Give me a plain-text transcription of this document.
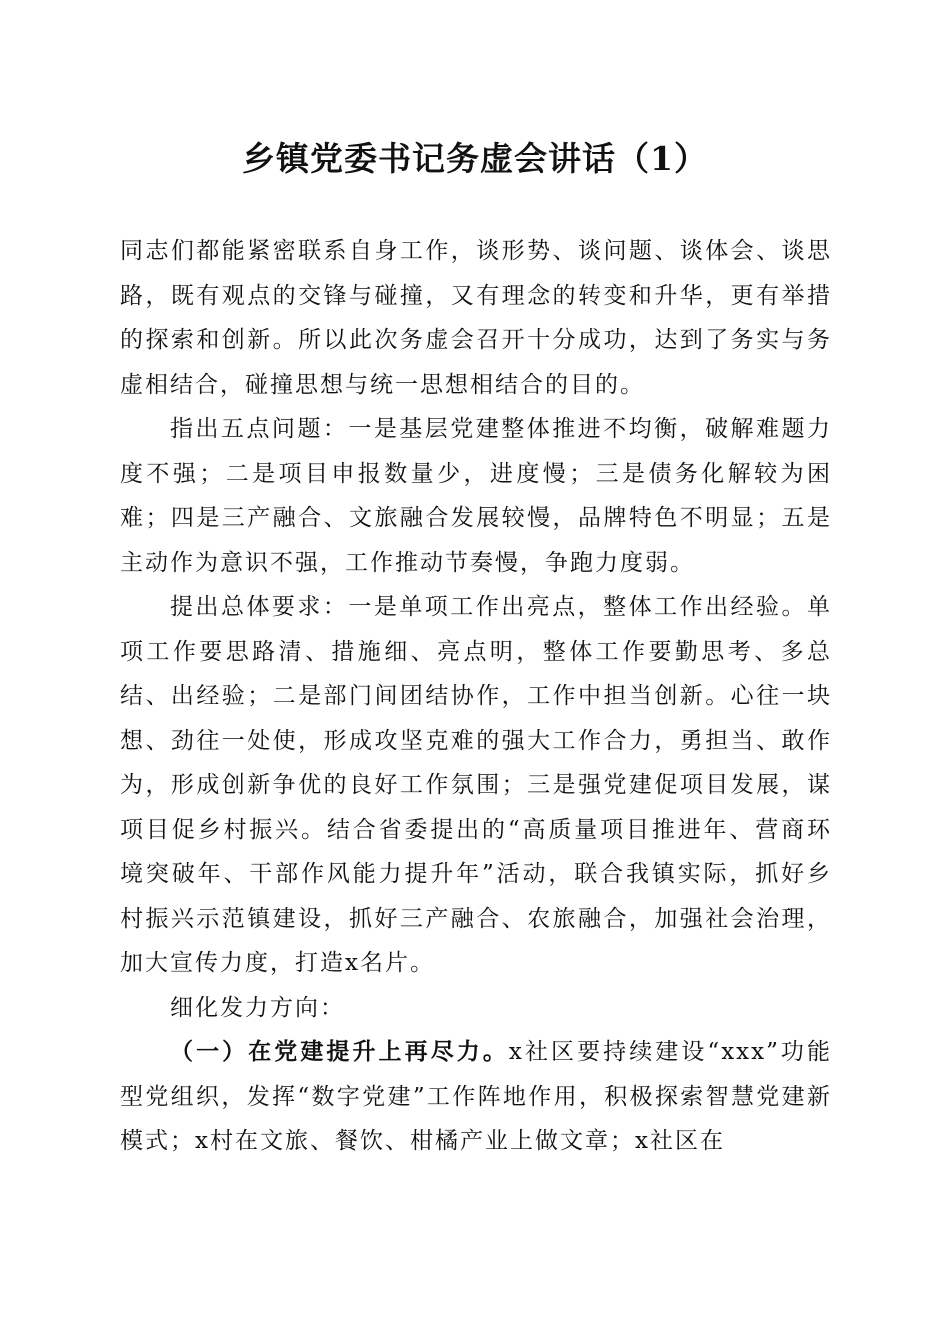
乡镇党委书记务虚会讲话（1）

同志们都能紧密联系自身工作，谈形势、谈问题、谈体会、谈思路，既有观点的交锋与碰撞，又有理念的转变和升华，更有举措的探索和创新。所以此次务虚会召开十分成功，达到了务实与务虚相结合，碰撞思想与统一思想相结合的目的。

指出五点问题：一是基层党建整体推进不均衡，破解难题力度不强；二是项目申报数量少，进度慢；三是债务化解较为困难；四是三产融合、文旅融合发展较慢，品牌特色不明显；五是主动作为意识不强，工作推动节奏慢，争跑力度弱。

提出总体要求：一是单项工作出亮点，整体工作出经验。单项工作要思路清、措施细、亮点明，整体工作要勤思考、多总结、出经验；二是部门间团结协作，工作中担当创新。心往一块想、劲往一处使，形成攻坚克难的强大工作合力，勇担当、敢作为，形成创新争优的良好工作氛围；三是强党建促项目发展，谋项目促乡村振兴。结合省委提出的“高质量项目推进年、营商环境突破年、干部作风能力提升年”活动，联合我镇实际，抓好乡村振兴示范镇建设，抓好三产融合、农旅融合，加强社会治理，加大宣传力度，打造x名片。

细化发力方向：

（一）在党建提升上再尽力。x社区要持续建设“xxx”功能型党组织，发挥“数字党建”工作阵地作用，积极探索智慧党建新模式；x村在文旅、餐饮、柑橘产业上做文章；x社区在
